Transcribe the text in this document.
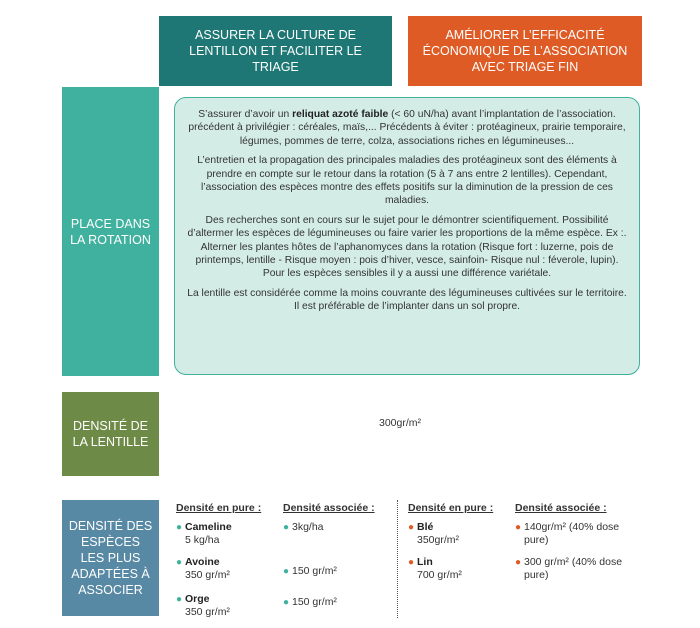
ASSURER LA CULTURE DE LENTILLON ET FACILITER LE TRIAGE
AMÉLIORER L’EFFICACITÉ ÉCONOMIQUE DE L’ASSOCIATION AVEC TRIAGE FIN
PLACE DANS LA ROTATION
DENSITÉ DE LA LENTILLE
DENSITÉ DES ESPÈCES LES PLUS ADAPTÉES À ASSOCIER

S’assurer d’avoir un reliquat azoté faible (< 60 uN/ha) avant l’implantation de l’association. précédent à privilégier : céréales, maïs,... Précédents à éviter : protéagineux, prairie temporaire, légumes, pommes de terre, colza, associations riches en légumineuses...

L’entretien et la propagation des principales maladies des protéagineux sont des éléments à prendre en compte sur le retour dans la rotation (5 à 7 ans entre 2 lentilles). Cependant, l’association des espèces montre des effets positifs sur la diminution de la pression de ces maladies.

Des recherches sont en cours sur le sujet pour le démontrer scientifiquement. Possibilité d’altermer les espèces de légumineuses ou faire varier les proportions de la même espèce. Ex :. Alterner les plantes hôtes de l’aphanomyces dans la rotation (Risque fort : luzerne, pois de printemps, lentille - Risque moyen : pois d’hiver, vesce, sainfoin- Risque nul : féverole, lupin). Pour les espèces sensibles il y a aussi une différence variétale.

La lentille est considérée comme la moins couvrante des légumineuses cultivées sur le territoire. Il est préférable de l’implanter dans un sol propre.

300gr/m²
Densité en pure : Densité associée :
● Cameline
5 kg/ha
● 3kg/ha
● Avoine
350 gr/m²	● 150 gr/m²
● Orge
350 gr/m²
● 150 gr/m²
Densité en pure : Densité associée :
● Blé
350gr/m²
● 140gr/m² (40% dose pure)
● Lin
700 gr/m²
● 300 gr/m² (40% dose pure)
